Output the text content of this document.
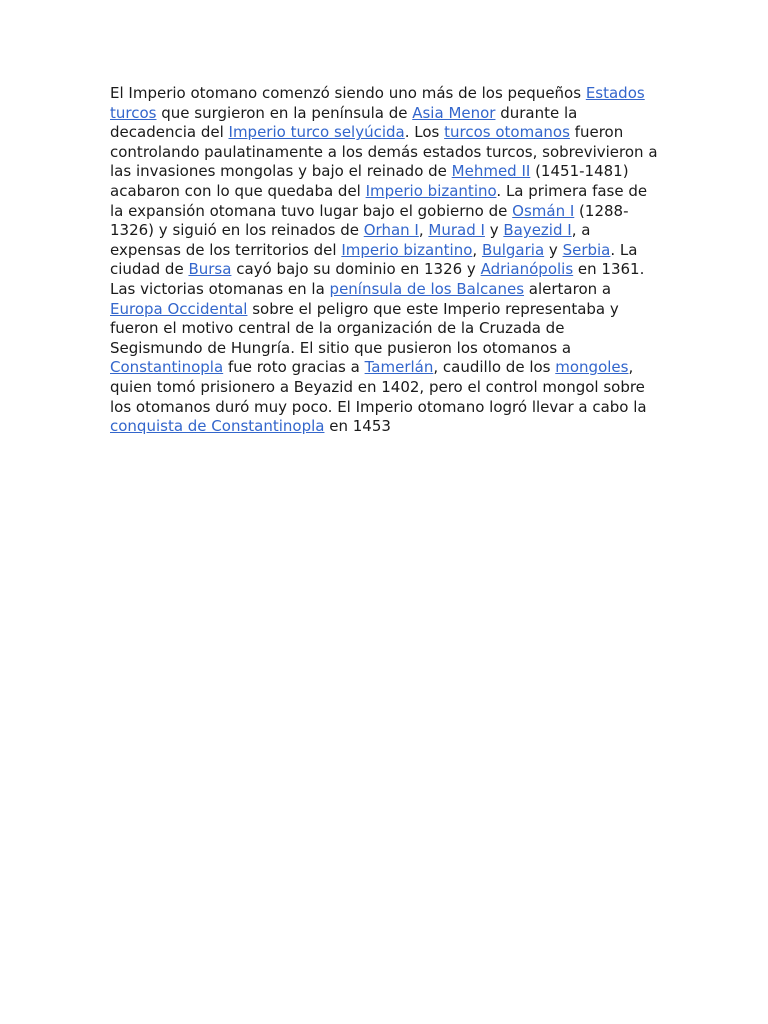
El Imperio otomano comenzó siendo uno más de los pequeños Estados turcos que surgieron en la península de Asia Menor durante la decadencia del Imperio turco selyúcida. Los turcos otomanos fueron controlando paulatinamente a los demás estados turcos, sobrevivieron a las invasiones mongolas y bajo el reinado de Mehmed II (1451-1481) acabaron con lo que quedaba del Imperio bizantino. La primera fase de la expansión otomana tuvo lugar bajo el gobierno de Osmán I (1288-1326) y siguió en los reinados de Orhan I, Murad I y Bayezid I, a expensas de los territorios del Imperio bizantino, Bulgaria y Serbia. La ciudad de Bursa cayó bajo su dominio en 1326 y Adrianópolis en 1361. Las victorias otomanas en la península de los Balcanes alertaron a Europa Occidental sobre el peligro que este Imperio representaba y fueron el motivo central de la organización de la Cruzada de Segismundo de Hungría. El sitio que pusieron los otomanos a Constantinopla fue roto gracias a Tamerlán, caudillo de los mongoles, quien tomó prisionero a Beyazid en 1402, pero el control mongol sobre los otomanos duró muy poco. El Imperio otomano logró llevar a cabo la conquista de Constantinopla en 1453
